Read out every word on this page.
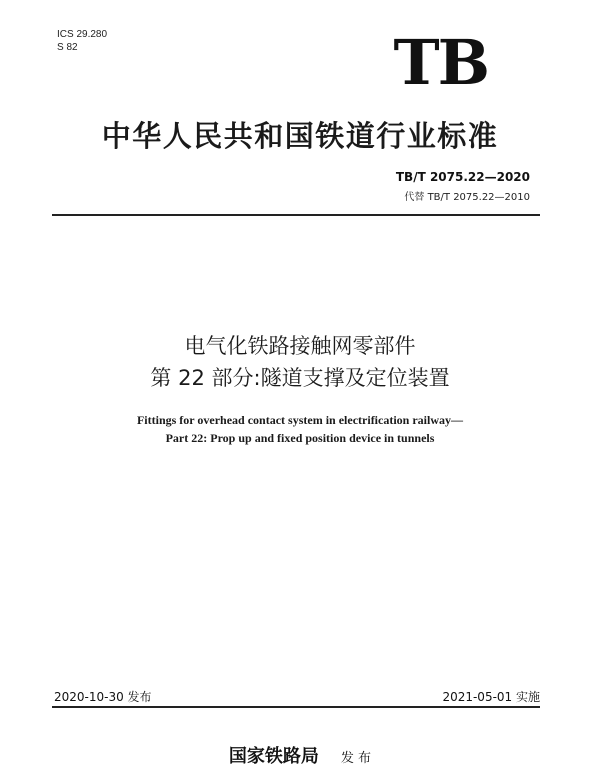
ICS 29.280
S 82	TB
中华人民共和国铁道行业标准
TB/T 2075.22—2020
代替 TB/T 2075.22—2010
电气化铁路接触网零部件
第 22 部分:隧道支撑及定位装置
Fittings for overhead contact system in electrification railway—
Part 22: Prop up and fixed position device in tunnels
2020-10-30 发布	2021-05-01 实施
国家铁路局 发 布
